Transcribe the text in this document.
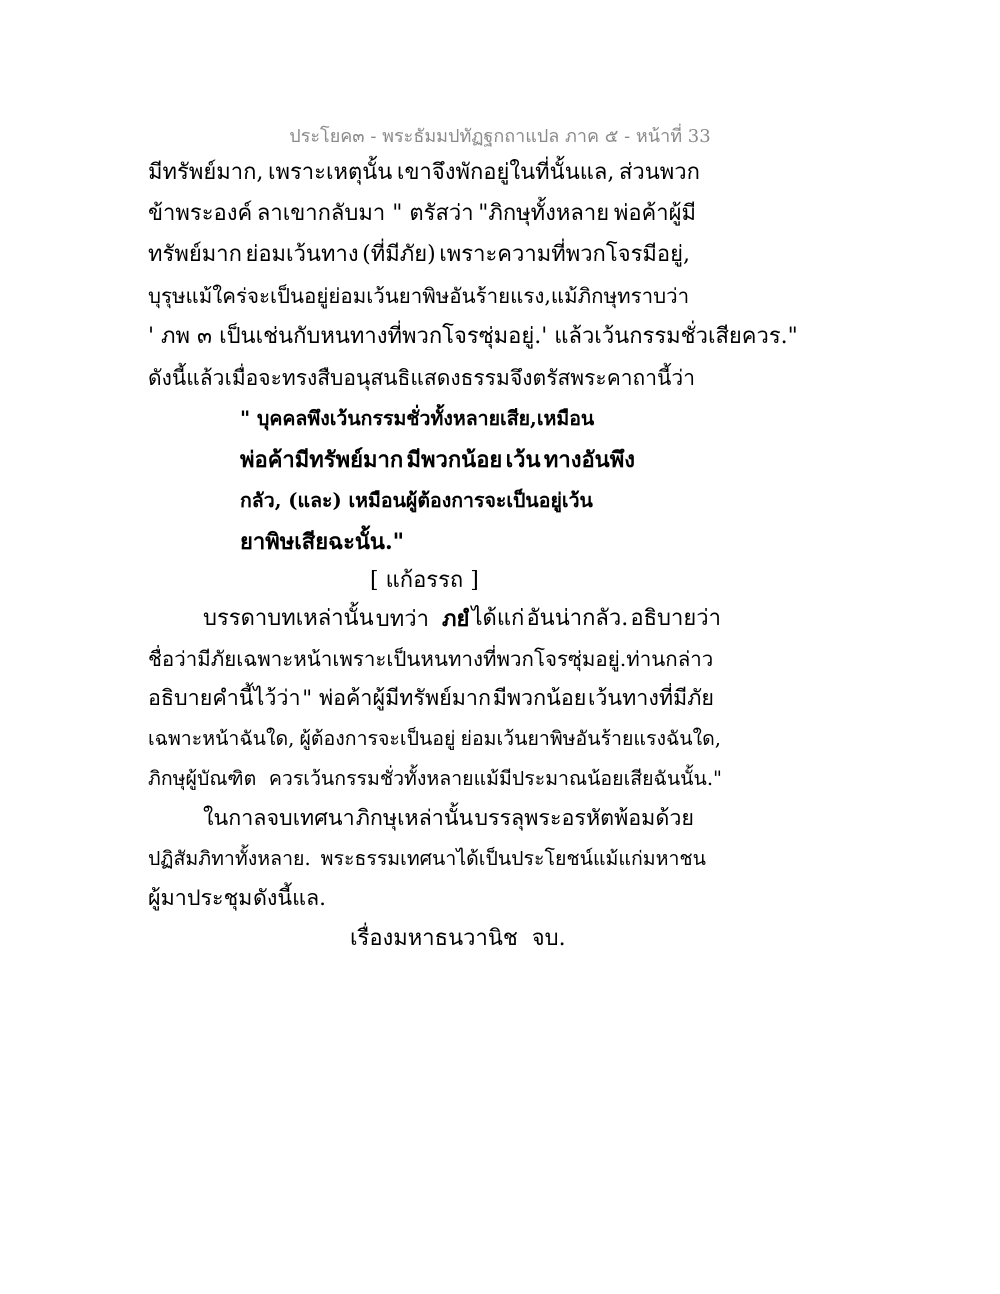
ประโยค๓ - พระธัมมปทัฏฐกถาแปล ภาค ๕ - หน้าที่ 33
มีทรัพย์มาก, เพราะเหตุนั้น เขาจึงพักอยู่ในที่นั้นแล, ส่วนพวก
ข้าพระองค์ ลาเขากลับมา " ตรัสว่า "ภิกษุทั้งหลาย พ่อค้าผู้มี
ทรัพย์มาก ย่อมเว้นทาง (ที่มีภัย) เพราะความที่พวกโจรมีอยู่,
บุรุษแม้ใคร่จะเป็นอยู่ ย่อมเว้นยาพิษอันร้ายแรง, แม้ภิกษุทราบว่า
' ภพ ๓ เป็นเช่นกับหนทางที่พวกโจรซุ่มอยู่.' แล้วเว้นกรรมชั่วเสียควร."
ดังนี้แล้ว เมื่อจะทรงสืบอนุสนธิแสดงธรรม จึงตรัสพระคาถานี้ว่า
" บุคคลพึงเว้นกรรมชั่วทั้งหลายเสีย, เหมือน
พ่อค้ามีทรัพย์มาก มีพวกน้อย เว้น ทางอันพึง
กลัว, (และ) เหมือนผู้ต้องการจะเป็นอยู่ เว้น
ยาพิษเสียฉะนั้น."
[ แก้อรรถ ]
บรรดาบทเหล่านั้น บทว่า ภยํ ได้แก่ อันน่ากลัว. อธิบายว่า
ชื่อว่ามีภัยเฉพาะหน้า เพราะเป็นหนทางที่พวกโจรซุ่มอยู่. ท่านกล่าว
อธิบายคำนี้ไว้ว่า " พ่อค้าผู้มีทรัพย์มาก มีพวกน้อย เว้นทางที่มีภัย
เฉพาะหน้าฉันใด, ผู้ต้องการจะเป็นอยู่ ย่อมเว้นยาพิษอันร้ายแรงฉันใด,
ภิกษุผู้บัณฑิต ควรเว้นกรรมชั่วทั้งหลายแม้มีประมาณน้อยเสียฉันนั้น."
ในกาลจบเทศนา ภิกษุเหล่านั้น บรรลุพระอรหัตพ้อมด้วย
ปฏิสัมภิทาทั้งหลาย. พระธรรมเทศนาได้เป็นประโยชน์แม้แก่มหาชน
ผู้มาประชุม ดังนี้แล.
เรื่องมหาธนวานิช  จบ.
